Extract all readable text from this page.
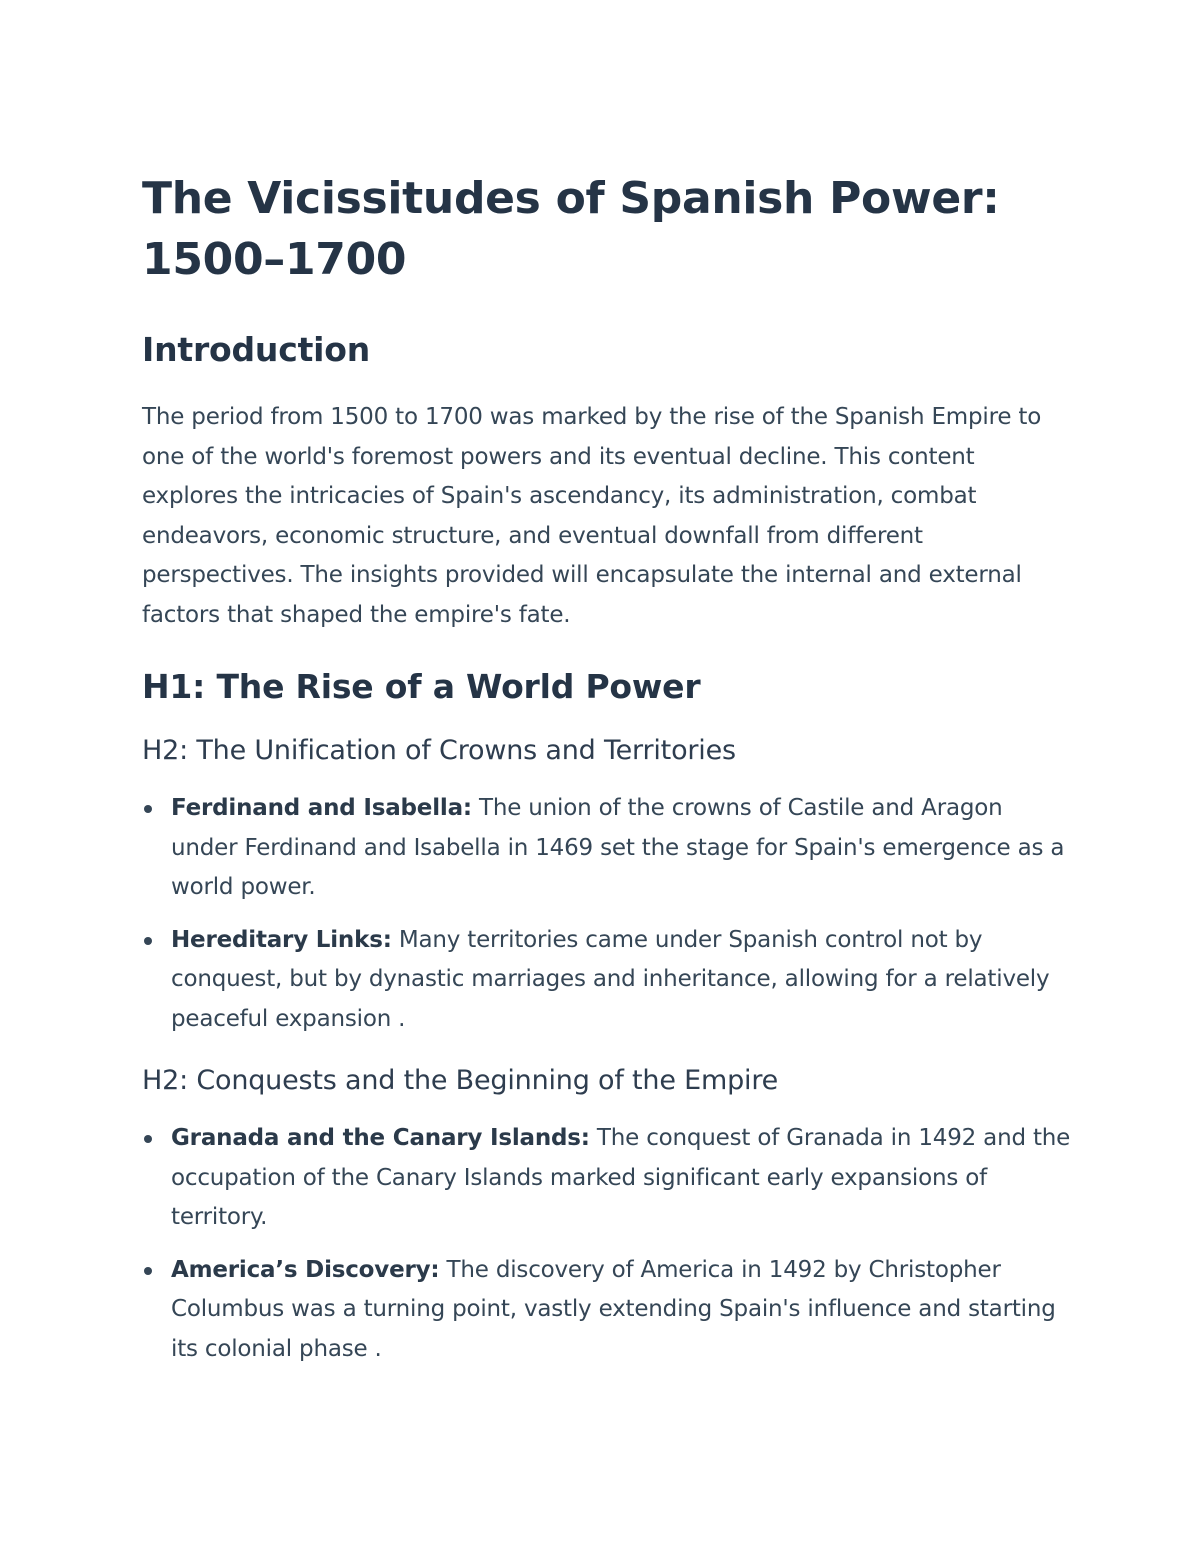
The Vicissitudes of Spanish Power:
1500–1700
Introduction

The period from 1500 to 1700 was marked by the rise of the Spanish Empire to one of the world's foremost powers and its eventual decline. This content explores the intricacies of Spain's ascendancy, its administration, combat endeavors, economic structure, and eventual downfall from different perspectives. The insights provided will encapsulate the internal and external factors that shaped the empire's fate.

H1: The Rise of a World Power
H2: The Unification of Crowns and Territories
Ferdinand and Isabella: The union of the crowns of Castile and Aragon under Ferdinand and Isabella in 1469 set the stage for Spain's emergence as a world power.
Hereditary Links: Many territories came under Spanish control not by conquest, but by dynastic marriages and inheritance, allowing for a relatively peaceful expansion .
H2: Conquests and the Beginning of the Empire
Granada and the Canary Islands: The conquest of Granada in 1492 and the occupation of the Canary Islands marked significant early expansions of territory.
America’s Discovery: The discovery of America in 1492 by Christopher Columbus was a turning point, vastly extending Spain's influence and starting its colonial phase .
